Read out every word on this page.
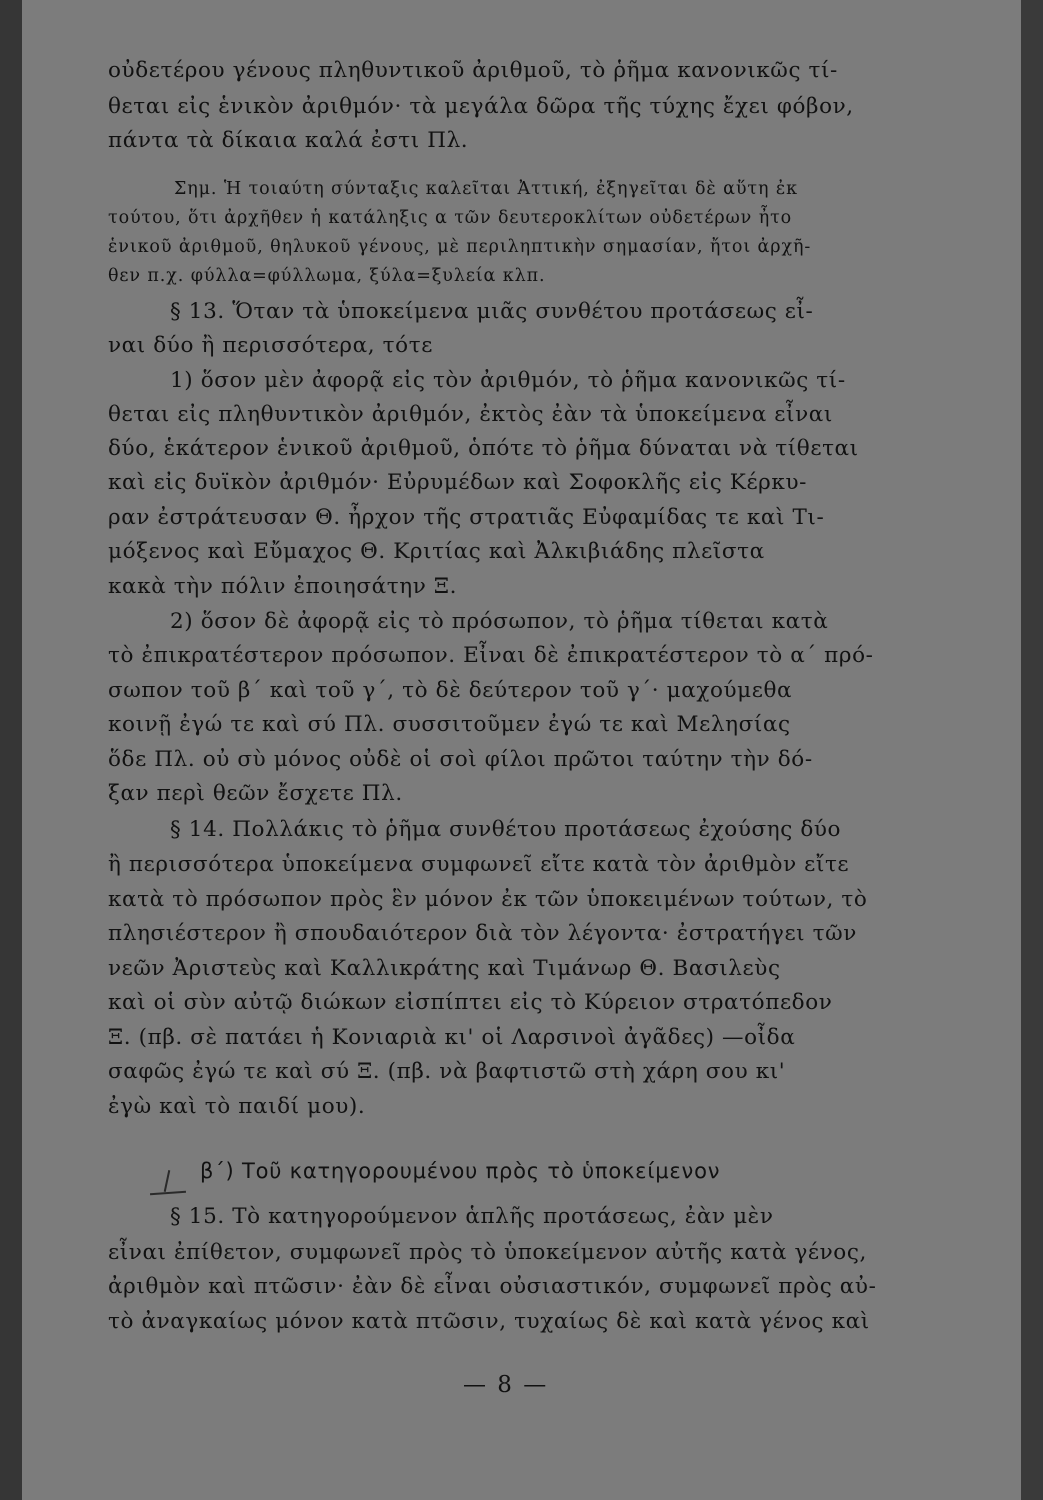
οὐδετέρου γένους πληθυντικοῦ ἀριθμοῦ, τὸ ῥῆμα κανονικῶς τί-
θεται εἰς ἑνικὸν ἀριθμόν· τὰ μεγάλα δῶρα τῆς τύχης ἔχει φόβον,
πάντα τὰ δίκαια καλά ἐστι Πλ.
Σημ. Ἡ τοιαύτη σύνταξις καλεῖται Ἀττική, ἐξηγεῖται δὲ αὕτη ἐκ
τούτου, ὅτι ἀρχῆθεν ἡ κατάληξις α τῶν δευτεροκλίτων οὐδετέρων ἦτο
ἑνικοῦ ἀριθμοῦ, θηλυκοῦ γένους, μὲ περιληπτικὴν σημασίαν, ἤτοι ἀρχῆ-
θεν π.χ. φύλλα=φύλλωμα, ξύλα=ξυλεία κλπ.
§ 13. Ὅταν τὰ ὑποκείμενα μιᾶς συνθέτου προτάσεως εἶ-
ναι δύο ἢ περισσότερα, τότε
1) ὅσον μὲν ἀφορᾷ εἰς τὸν ἀριθμόν, τὸ ῥῆμα κανονικῶς τί-
θεται εἰς πληθυντικὸν ἀριθμόν, ἐκτὸς ἐὰν τὰ ὑποκείμενα εἶναι
δύο, ἑκάτερον ἑνικοῦ ἀριθμοῦ, ὁπότε τὸ ῥῆμα δύναται νὰ τίθεται
καὶ εἰς δυϊκὸν ἀριθμόν· Εὐρυμέδων καὶ Σοφοκλῆς εἰς Κέρκυ-
ραν ἐστράτευσαν Θ. ἦρχον τῆς στρατιᾶς Εὐφαμίδας τε καὶ Τι-
μόξενος καὶ Εὔμαχος Θ. Κριτίας καὶ Ἀλκιβιάδης πλεῖστα
κακὰ τὴν πόλιν ἐποιησάτην Ξ.
2) ὅσον δὲ ἀφορᾷ εἰς τὸ πρόσωπον, τὸ ῥῆμα τίθεται κατὰ
τὸ ἐπικρατέστερον πρόσωπον. Εἶναι δὲ ἐπικρατέστερον τὸ α΄ πρό-
σωπον τοῦ β΄ καὶ τοῦ γ΄, τὸ δὲ δεύτερον τοῦ γ΄· μαχούμεθα
κοινῇ ἐγώ τε καὶ σύ Πλ. συσσιτοῦμεν ἐγώ τε καὶ Μελησίας
ὅδε Πλ. οὐ σὺ μόνος οὐδὲ οἱ σοὶ φίλοι πρῶτοι ταύτην τὴν δό-
ξαν περὶ θεῶν ἔσχετε Πλ.
§ 14. Πολλάκις τὸ ῥῆμα συνθέτου προτάσεως ἐχούσης δύο
ἢ περισσότερα ὑποκείμενα συμφωνεῖ εἴτε κατὰ τὸν ἀριθμὸν εἴτε
κατὰ τὸ πρόσωπον πρὸς ἓν μόνον ἐκ τῶν ὑποκειμένων τούτων, τὸ
πλησιέστερον ἢ σπουδαιότερον διὰ τὸν λέγοντα· ἐστρατήγει τῶν
νεῶν Ἀριστεὺς καὶ Καλλικράτης καὶ Τιμάνωρ Θ. Βασιλεὺς
καὶ οἱ σὺν αὐτῷ διώκων εἰσπίπτει εἰς τὸ Κύρειον στρατόπεδον
Ξ. (πβ. σὲ πατάει ἡ Κονιαριὰ κι' οἱ Λαρσινοὶ ἀγᾶδες) —οἶδα
σαφῶς ἐγώ τε καὶ σύ Ξ. (πβ. νὰ βαφτιστῶ στὴ χάρη σου κι'
ἐγὼ καὶ τὸ παιδί μου).
β΄) Τοῦ κατηγορουμένου πρὸς τὸ ὑποκείμενον
§ 15. Τὸ κατηγορούμενον ἁπλῆς προτάσεως, ἐὰν μὲν
εἶναι ἐπίθετον, συμφωνεῖ πρὸς τὸ ὑποκείμενον αὐτῆς κατὰ γένος,
ἀριθμὸν καὶ πτῶσιν· ἐὰν δὲ εἶναι οὐσιαστικόν, συμφωνεῖ πρὸς αὐ-
τὸ ἀναγκαίως μόνον κατὰ πτῶσιν, τυχαίως δὲ καὶ κατὰ γένος καὶ
— 8 —
